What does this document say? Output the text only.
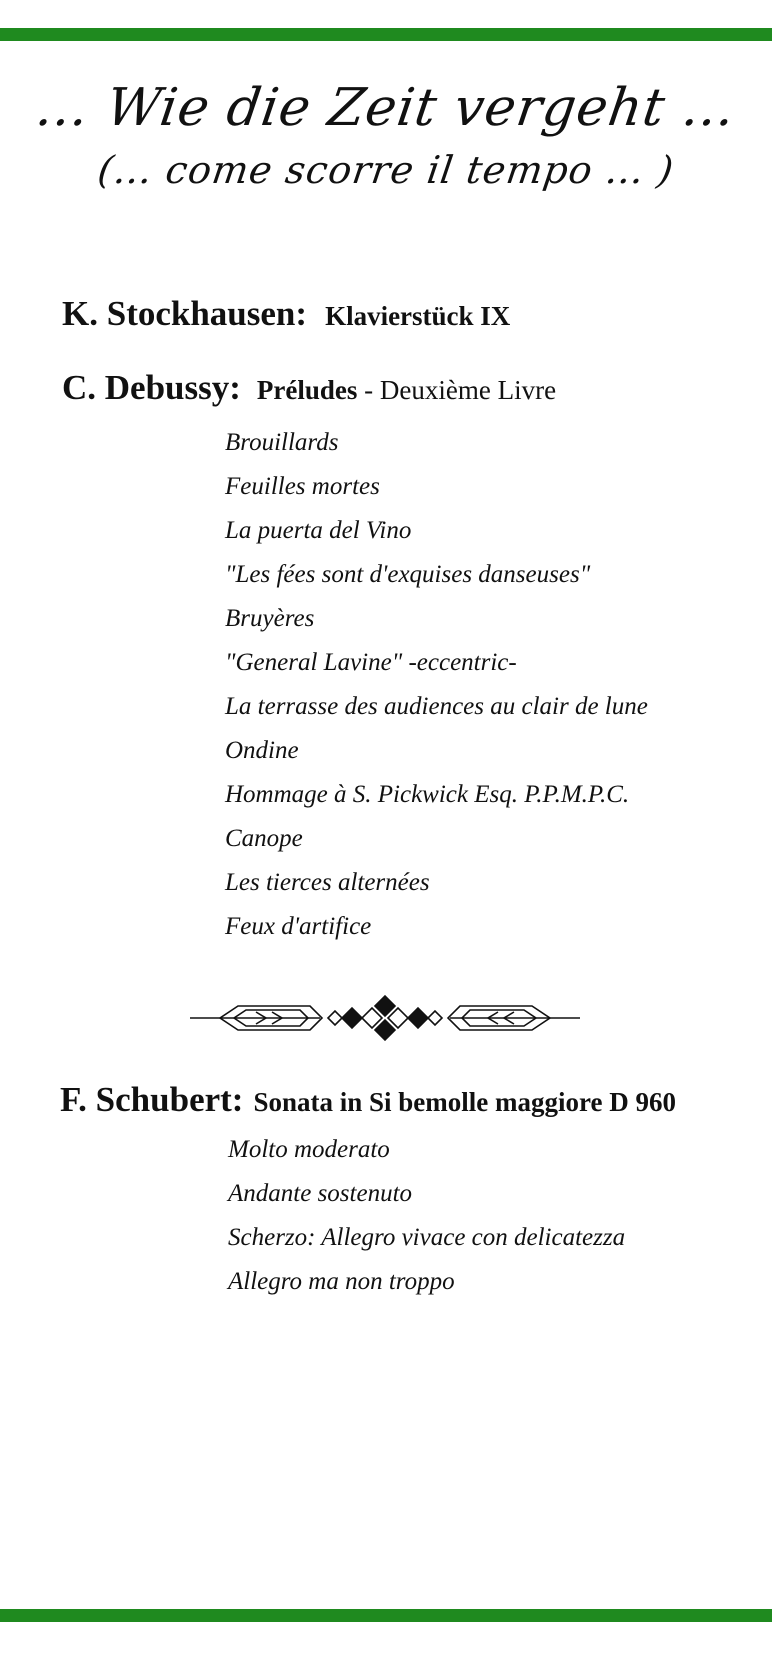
… Wie die Zeit vergeht …
(… come scorre il tempo … )
K. Stockhausen: Klavierstück IX
C. Debussy: Préludes - Deuxième Livre
Brouillards
Feuilles mortes
La puerta del Vino
"Les fées sont d'exquises danseuses"
Bruyères
"General Lavine" -eccentric-
La terrasse des audiences au clair de lune
Ondine
Hommage à S. Pickwick Esq. P.P.M.P.C.
Canope
Les tierces alternées
Feux d'artifice
F. Schubert: Sonata in Si bemolle maggiore D 960
Molto moderato
Andante sostenuto
Scherzo: Allegro vivace con delicatezza
Allegro ma non troppo
